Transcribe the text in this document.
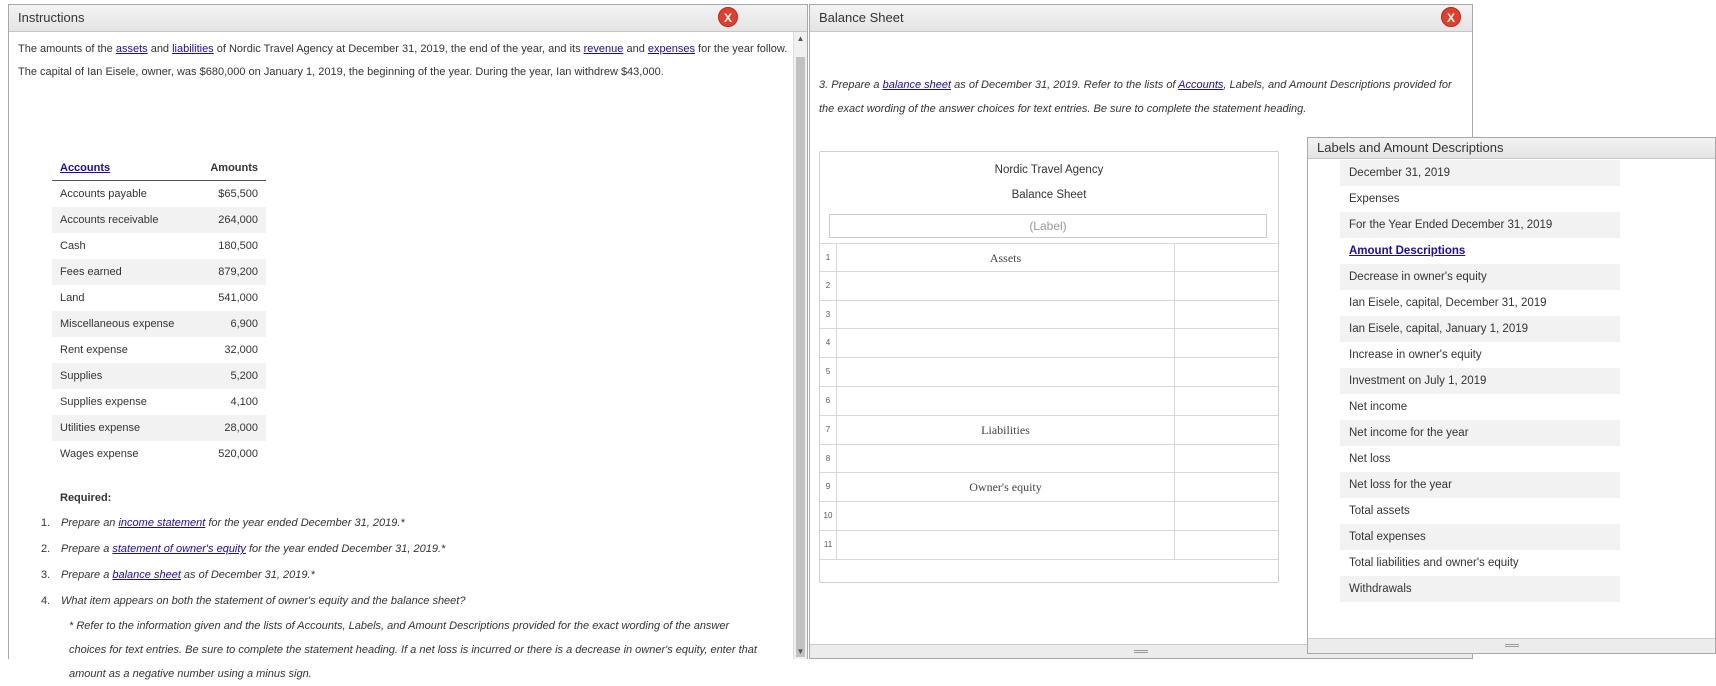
Instructions

The amounts of the assets and liabilities of Nordic Travel Agency at December 31, 2019, the end of the year, and its revenue and expenses for the year follow. The capital of Ian Eisele, owner, was $680,000 on January 1, 2019, the beginning of the year. During the year, Ian withdrew $43,000.

Accounts	Amounts
Accounts payable	$65,500
Accounts receivable	264,000
Cash	180,500
Fees earned	879,200
Land	541,000
Miscellaneous expense	6,900
Rent expense	32,000
Supplies	5,200
Supplies expense	4,100
Utilities expense	28,000
Wages expense	520,000
Required:
1. Prepare an income statement for the year ended December 31, 2019.*
2. Prepare a statement of owner's equity for the year ended December 31, 2019.*
3. Prepare a balance sheet as of December 31, 2019.*
4. What item appears on both the statement of owner's equity and the balance sheet?
* Refer to the information given and the lists of Accounts, Labels, and Amount Descriptions provided for the exact wording of the answer choices for text entries. Be sure to complete the statement heading. If a net loss is incurred or there is a decrease in owner's equity, enter that amount as a negative number using a minus sign.
▲
▼
X	Balance Sheet	X

3. Prepare a balance sheet as of December 31, 2019. Refer to the lists of Accounts, Labels, and Amount Descriptions provided for the exact wording of the answer choices for text entries. Be sure to complete the statement heading.

Nordic Travel Agency
Balance Sheet
(Label)
1	Assets
2
3
4
5
6
7	Liabilities
8
9	Owner's equity
10
11
Labels and Amount Descriptions
December 31, 2019
Expenses
For the Year Ended December 31, 2019
Amount Descriptions
Decrease in owner's equity
Ian Eisele, capital, December 31, 2019
Ian Eisele, capital, January 1, 2019
Increase in owner's equity
Investment on July 1, 2019
Net income
Net income for the year
Net loss
Net loss for the year
Total assets
Total expenses
Total liabilities and owner's equity
Withdrawals
